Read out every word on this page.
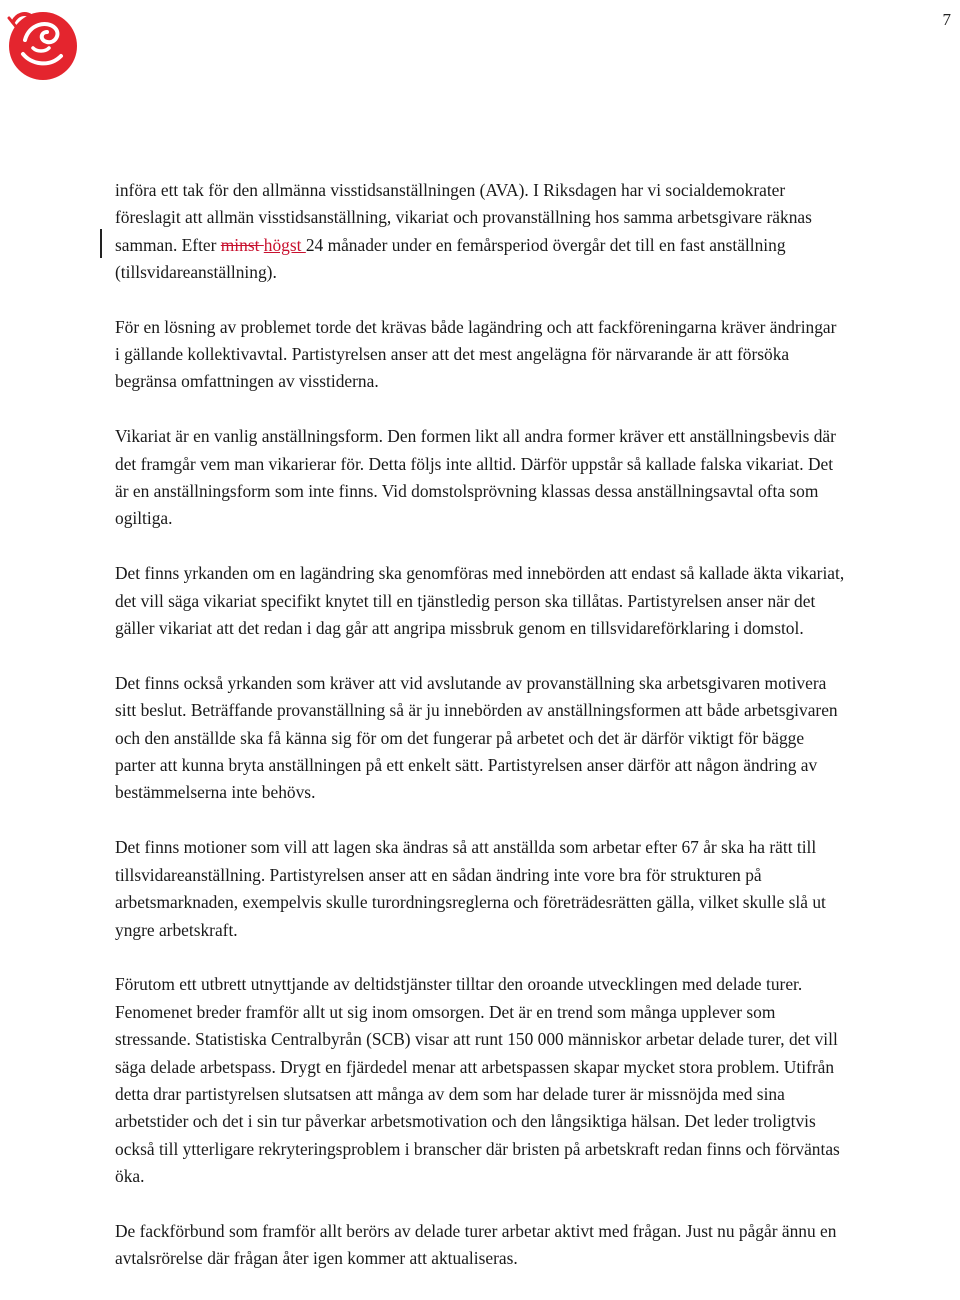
7

införa ett tak för den allmänna visstidsanställningen (AVA). I Riksdagen har vi socialdemokrater föreslagit att allmän visstidsanställning, vikariat och provanställning hos samma arbetsgivare räknas samman. Efter minst högst 24 månader under en femårsperiod övergår det till en fast anställning (tillsvidareanställning).

För en lösning av problemet torde det krävas både lagändring och att fackföreningarna kräver ändringar i gällande kollektivavtal. Partistyrelsen anser att det mest angelägna för närvarande är att försöka begränsa omfattningen av visstiderna.

Vikariat är en vanlig anställningsform. Den formen likt all andra former kräver ett anställningsbevis där det framgår vem man vikarierar för. Detta följs inte alltid. Därför uppstår så kallade falska vikariat. Det är en anställningsform som inte finns. Vid domstolsprövning klassas dessa anställningsavtal ofta som ogiltiga.

Det finns yrkanden om en lagändring ska genomföras med innebörden att endast så kallade äkta vikariat, det vill säga vikariat specifikt knytet till en tjänstledig person ska tillåtas. Partistyrelsen anser när det gäller vikariat att det redan i dag går att angripa missbruk genom en tillsvidareförklaring i domstol.

Det finns också yrkanden som kräver att vid avslutande av provanställning ska arbetsgivaren motivera sitt beslut. Beträffande provanställning så är ju innebörden av anställningsformen att både arbetsgivaren och den anställde ska få känna sig för om det fungerar på arbetet och det är därför viktigt för bägge parter att kunna bryta anställningen på ett enkelt sätt. Partistyrelsen anser därför att någon ändring av bestämmelserna inte behövs.

Det finns motioner som vill att lagen ska ändras så att anställda som arbetar efter 67 år ska ha rätt till tillsvidareanställning. Partistyrelsen anser att en sådan ändring inte vore bra för strukturen på arbetsmarknaden, exempelvis skulle turordningsreglerna och företrädesrätten gälla, vilket skulle slå ut yngre arbetskraft.

Förutom ett utbrett utnyttjande av deltidstjänster tilltar den oroande utvecklingen med delade turer. Fenomenet breder framför allt ut sig inom omsorgen. Det är en trend som många upplever som stressande. Statistiska Centralbyrån (SCB) visar att runt 150 000 människor arbetar delade turer, det vill säga delade arbetspass. Drygt en fjärdedel menar att arbetspassen skapar mycket stora problem. Utifrån detta drar partistyrelsen slutsatsen att många av dem som har delade turer är missnöjda med sina arbetstider och det i sin tur påverkar arbetsmotivation och den långsiktiga hälsan. Det leder troligtvis också till ytterligare rekryteringsproblem i branscher där bristen på arbetskraft redan finns och förväntas öka.

De fackförbund som framför allt berörs av delade turer arbetar aktivt med frågan. Just nu pågår ännu en avtalsrörelse där frågan åter igen kommer att aktualiseras.
